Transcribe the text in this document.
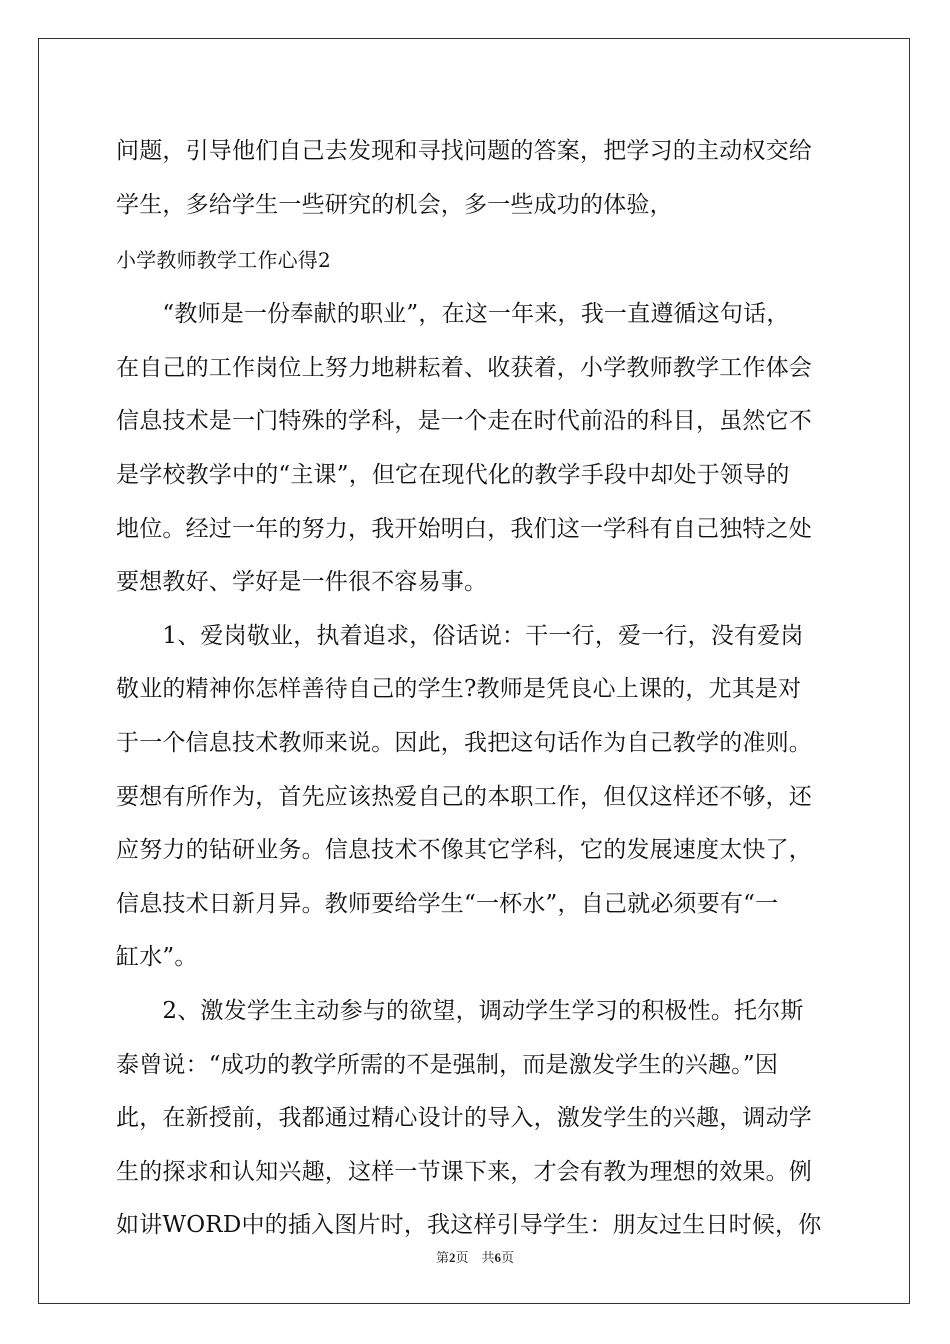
问题，引导他们自己去发现和寻找问题的答案，把学习的主动权交给
学生，多给学生一些研究的机会，多一些成功的体验，
小学教师教学工作心得2
　　“教师是一份奉献的职业”，在这一年来，我一直遵循这句话，
在自己的工作岗位上努力地耕耘着、收获着，小学教师教学工作体会
信息技术是一门特殊的学科，是一个走在时代前沿的科目，虽然它不
是学校教学中的“主课”，但它在现代化的教学手段中却处于领导的
地位。经过一年的努力，我开始明白，我们这一学科有自己独特之处
要想教好、学好是一件很不容易事。
　　1、爱岗敬业，执着追求，俗话说：干一行，爱一行，没有爱岗
敬业的精神你怎样善待自己的学生?教师是凭良心上课的，尤其是对
于一个信息技术教师来说。因此，我把这句话作为自己教学的准则。
要想有所作为，首先应该热爱自己的本职工作，但仅这样还不够，还
应努力的钻研业务。信息技术不像其它学科，它的发展速度太快了，
信息技术日新月异。教师要给学生“一杯水”，自己就必须要有“一
缸水”。
　　2、激发学生主动参与的欲望，调动学生学习的积极性。托尔斯
泰曾说：“成功的教学所需的不是强制，而是激发学生的兴趣。”因
此，在新授前，我都通过精心设计的导入，激发学生的兴趣，调动学
生的探求和认知兴趣，这样一节课下来，才会有教为理想的效果。例
如讲WORD中的插入图片时，我这样引导学生：朋友过生日时候，你
第2页　共6页
